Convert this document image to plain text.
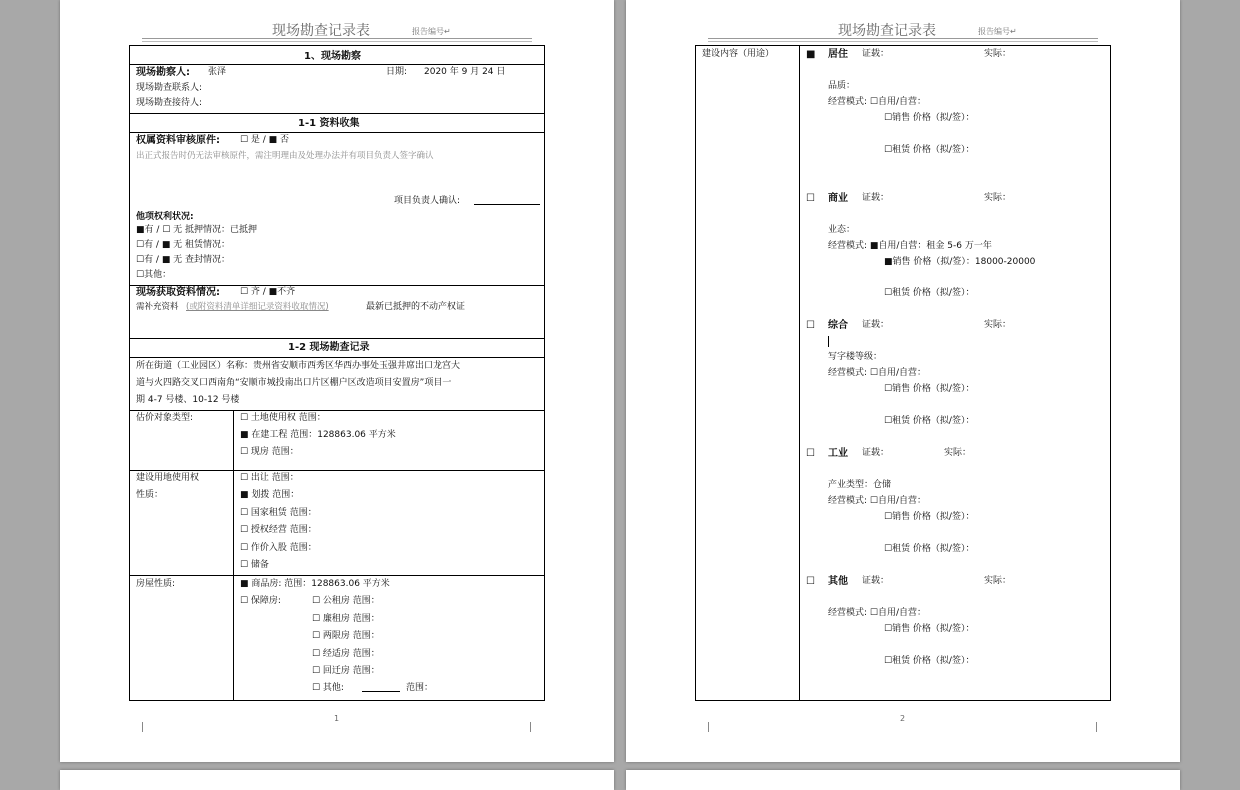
现场勘查记录表	报告编号↵
1、现场勘察
现场勘察人: 张泽	日期: 2020 年 9 月 24 日
现场勘查联系人:
现场勘查接待人:
1-1 资料收集
权属资料审核原件: ☐ 是 / ■ 否
出正式报告时仍无法审核原件，需注明理由及处理办法并有项目负责人签字确认
项目负责人确认:
他项权利状况:
■有 / ☐ 无 抵押情况：已抵押
☐有 / ■ 无 租赁情况：
☐有 / ■ 无 查封情况：
☐其他：
现场获取资料情况: ☐ 齐 / ■不齐
需补充资料 (或附资料清单详细记录资料收取情况)	最新已抵押的不动产权证
1-2 现场勘查记录
所在街道（工业园区）名称：贵州省安顺市西秀区华西办事处玉强井席出口龙宫大
道与火四路交叉口西南角“安顺市城投南出口片区棚户区改造项目安置房”项目一
期 4-7 号楼、10-12 号楼
估价对象类型:	☐ 土地使用权 范围：
■ 在建工程 范围：128863.06 平方米
☐ 现房 范围：
建设用地使用权
性质：
☐ 出让 范围：
■ 划拨 范围：
☐ 国家租赁 范围：
☐ 授权经营 范围：
☐ 作价入股 范围：
☐ 储备
房屋性质:	■ 商品房: 范围：128863.06 平方米
☐ 保障房:	☐ 公租房 范围：
☐ 廉租房 范围：
☐ 两限房 范围：
☐ 经适房 范围：
☐ 回迁房 范围：
☐ 其他:	范围：
1
现场勘查记录表	报告编号↵
建设内容（用途）	■ 居住 证载：	实际：
品质：
经营模式: ☐自用/自营：
☐销售 价格（拟/签）：
☐租赁 价格（拟/签）：
☐ 商业 证载：	实际：
业态：
经营模式: ■自用/自营：租金 5-6 万一年
■销售 价格（拟/签）：18000-20000
☐租赁 价格（拟/签）：
☐ 综合 证载：	实际：
写字楼等级：
经营模式: ☐自用/自营：
☐销售 价格（拟/签）：
☐租赁 价格（拟/签）：
☐ 工业 证载：	实际：
产业类型：仓储
经营模式: ☐自用/自营：
☐销售 价格（拟/签）：
☐租赁 价格（拟/签）：
☐ 其他 证载：	实际：
经营模式: ☐自用/自营：
☐销售 价格（拟/签）：
☐租赁 价格（拟/签）：
2
